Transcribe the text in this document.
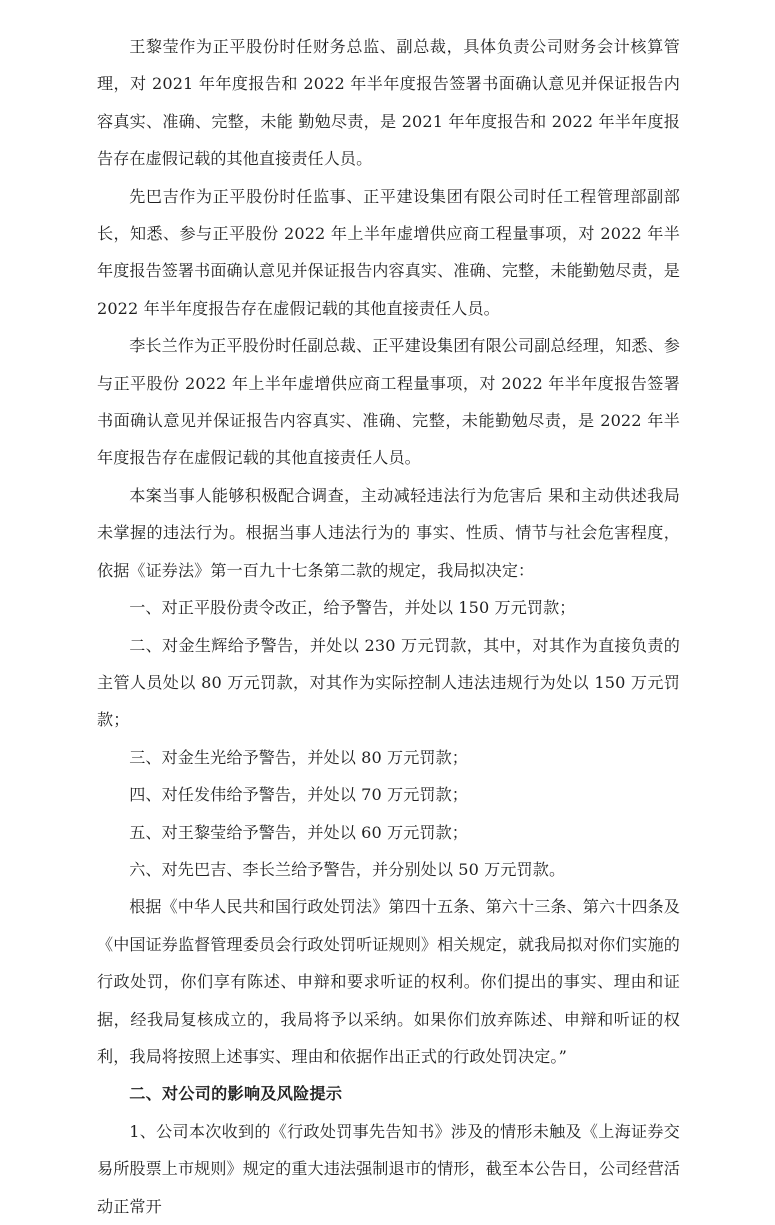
王黎莹作为正平股份时任财务总监、副总裁，具体负责公司财务会计核算管理，对 2021 年年度报告和 2022 年半年度报告签署书面确认意见并保证报告内容真实、准确、完整，未能 勤勉尽责，是 2021 年年度报告和 2022 年半年度报告存在虚假记载的其他直接责任人员。

先巴吉作为正平股份时任监事、正平建设集团有限公司时任工程管理部副部长，知悉、参与正平股份 2022 年上半年虚增供应商工程量事项，对 2022 年半年度报告签署书面确认意见并保证报告内容真实、准确、完整，未能勤勉尽责，是 2022 年半年度报告存在虚假记载的其他直接责任人员。

李长兰作为正平股份时任副总裁、正平建设集团有限公司副总经理，知悉、参与正平股份 2022 年上半年虚增供应商工程量事项，对 2022 年半年度报告签署书面确认意见并保证报告内容真实、准确、完整，未能勤勉尽责，是 2022 年半年度报告存在虚假记载的其他直接责任人员。

本案当事人能够积极配合调查，主动减轻违法行为危害后 果和主动供述我局未掌握的违法行为。根据当事人违法行为的 事实、性质、情节与社会危害程度，依据《证券法》第一百九十七条第二款的规定，我局拟决定：

一、对正平股份责令改正，给予警告，并处以 150 万元罚款；

二、对金生辉给予警告，并处以 230 万元罚款，其中，对其作为直接负责的主管人员处以 80 万元罚款，对其作为实际控制人违法违规行为处以 150 万元罚款；

三、对金生光给予警告，并处以 80 万元罚款；

四、对任发伟给予警告，并处以 70 万元罚款；

五、对王黎莹给予警告，并处以 60 万元罚款；

六、对先巴吉、李长兰给予警告，并分别处以 50 万元罚款。

根据《中华人民共和国行政处罚法》第四十五条、第六十三条、第六十四条及《中国证券监督管理委员会行政处罚听证规则》相关规定，就我局拟对你们实施的行政处罚，你们享有陈述、申辩和要求听证的权利。你们提出的事实、理由和证据，经我局复核成立的，我局将予以采纳。如果你们放弃陈述、申辩和听证的权利，我局将按照上述事实、理由和依据作出正式的行政处罚决定。”

二、对公司的影响及风险提示

1、公司本次收到的《行政处罚事先告知书》涉及的情形未触及《上海证券交易所股票上市规则》规定的重大违法强制退市的情形，截至本公告日，公司经营活动正常开
